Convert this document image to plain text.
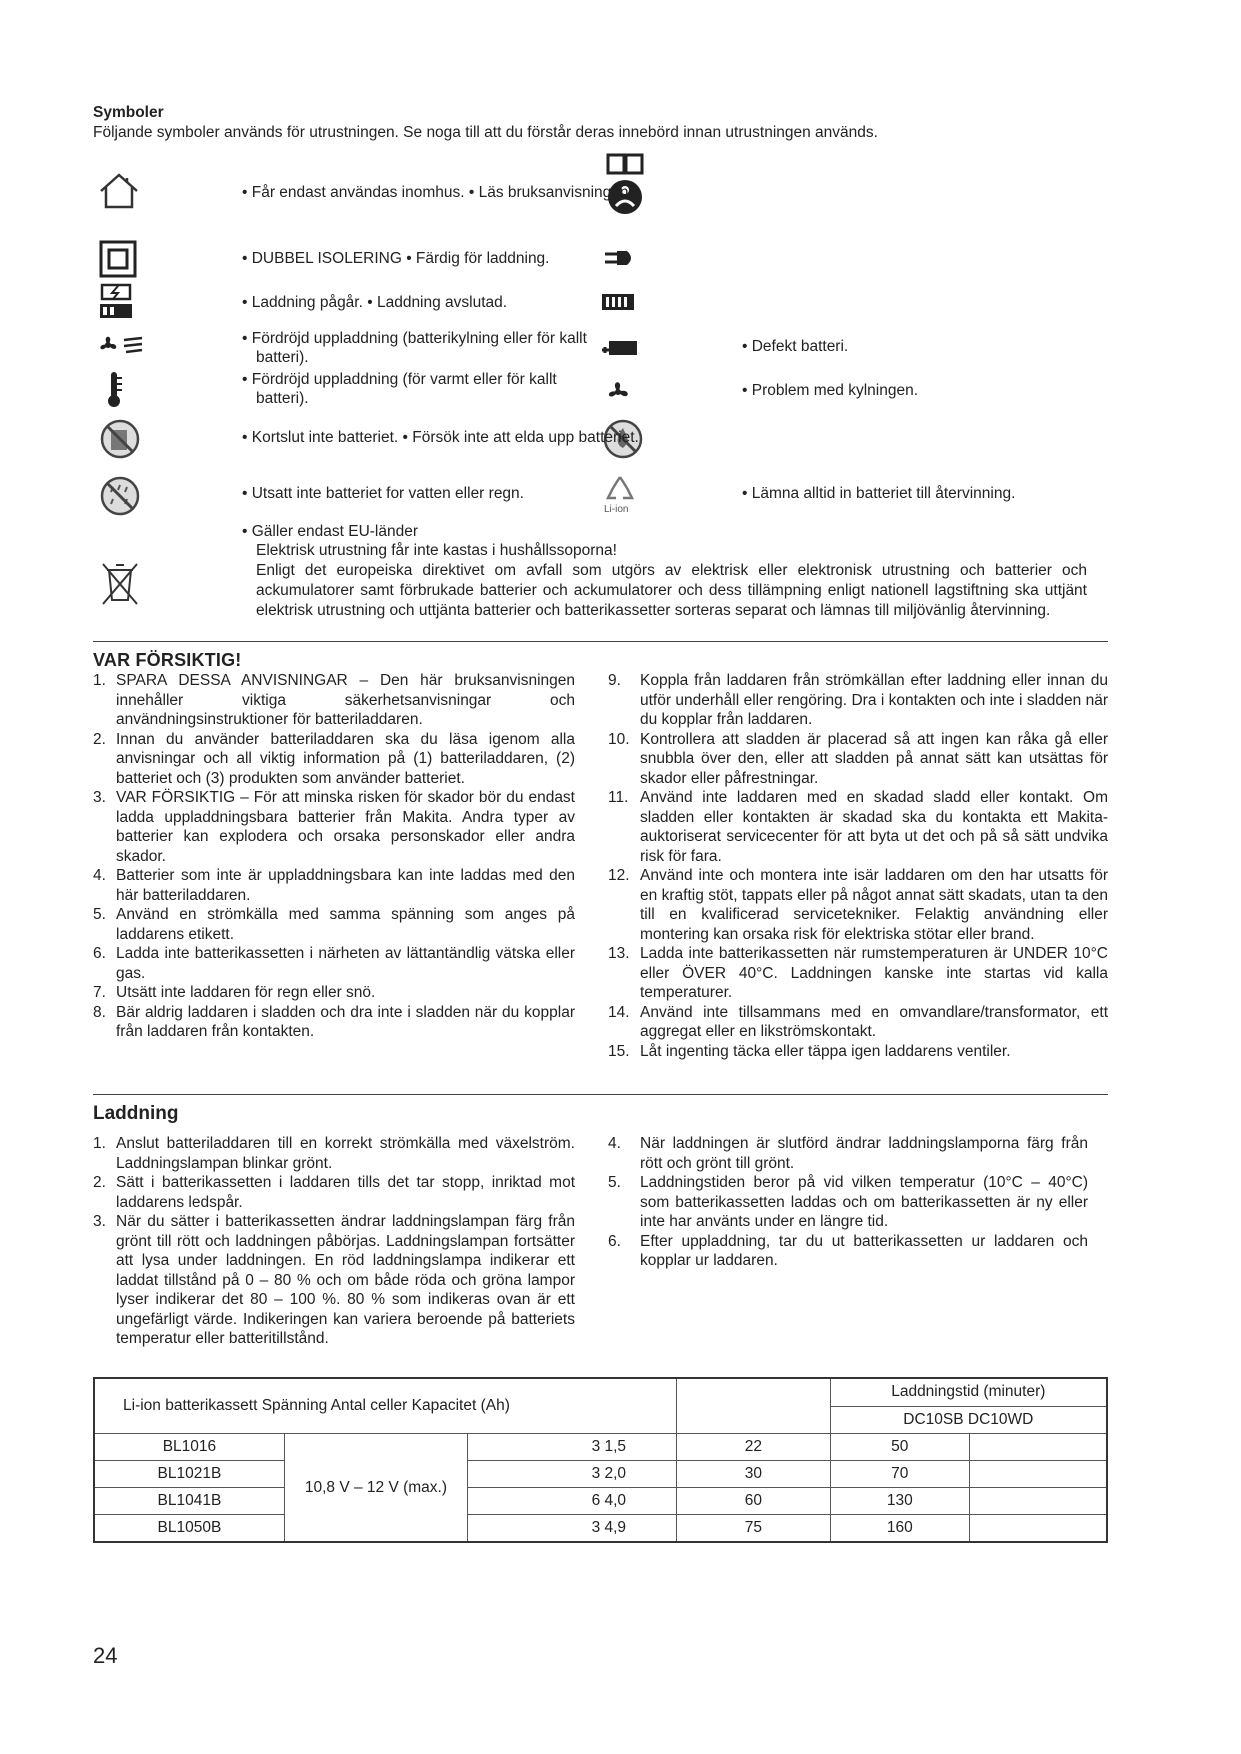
Symboler
Följande symboler används för utrustningen. Se noga till att du förstår deras innebörd innan utrustningen används.
Li-ion
• Får endast användas inomhus. • Läs bruksanvisningen.
• DUBBEL ISOLERING • Färdig för laddning.
• Laddning pågår. • Laddning avslutad.
• Fördröjd uppladdning (batterikylning eller för kallt batteri).
• Defekt batteri.
• Fördröjd uppladdning (för varmt eller för kallt batteri).	• Problem med kylningen.
• Kortslut inte batteriet. • Försök inte att elda upp batteriet.
• Utsatt inte batteriet for vatten eller regn.	• Lämna alltid in batteriet till återvinning.
• Gäller endast EU-länder
Elektrisk utrustning får inte kastas i hushållssoporna!
Enligt det europeiska direktivet om avfall som utgörs av elektrisk eller elektronisk utrustning och batterier och ackumulatorer samt förbrukade batterier och ackumulatorer och dess tillämpning enligt nationell lagstiftning ska uttjänt elektrisk utrustning och uttjänta batterier och batterikassetter sorteras separat och lämnas till miljövänlig återvinning.
VAR FÖRSIKTIG!
1. SPARA DESSA ANVISNINGAR – Den här bruksanvisningen innehåller viktiga säkerhetsanvisningar och användningsinstruktioner för batteriladdaren.
2. Innan du använder batteriladdaren ska du läsa igenom alla anvisningar och all viktig information på (1) batteriladdaren, (2) batteriet och (3) produkten som använder batteriet.
3. VAR FÖRSIKTIG – För att minska risken för skador bör du endast ladda uppladdningsbara batterier från Makita. Andra typer av batterier kan explodera och orsaka personskador eller andra skador.
4. Batterier som inte är uppladdningsbara kan inte laddas med den här batteriladdaren.
5. Använd en strömkälla med samma spänning som anges på laddarens etikett.
6. Ladda inte batterikassetten i närheten av lättantändlig vätska eller gas.
7. Utsätt inte laddaren för regn eller snö.
8. Bär aldrig laddaren i sladden och dra inte i sladden när du kopplar från laddaren från kontakten.
9. Koppla från laddaren från strömkällan efter laddning eller innan du utför underhåll eller rengöring. Dra i kontakten och inte i sladden när du kopplar från laddaren.
10. Kontrollera att sladden är placerad så att ingen kan råka gå eller snubbla över den, eller att sladden på annat sätt kan utsättas för skador eller påfrestningar.
11. Använd inte laddaren med en skadad sladd eller kontakt. Om sladden eller kontakten är skadad ska du kontakta ett Makita-auktoriserat servicecenter för att byta ut det och på så sätt undvika risk för fara.
12. Använd inte och montera inte isär laddaren om den har utsatts för en kraftig stöt, tappats eller på något annat sätt skadats, utan ta den till en kvalificerad servicetekniker. Felaktig användning eller montering kan orsaka risk för elektriska stötar eller brand.
13. Ladda inte batterikassetten när rumstemperaturen är UNDER 10°C eller ÖVER 40°C. Laddningen kanske inte startas vid kalla temperaturer.
14. Använd inte tillsammans med en omvandlare/transformator, ett aggregat eller en likströmskontakt.
15. Låt ingenting täcka eller täppa igen laddarens ventiler.
Laddning
1. Anslut batteriladdaren till en korrekt strömkälla med växelström. Laddningslampan blinkar grönt.
2. Sätt i batterikassetten i laddaren tills det tar stopp, inriktad mot laddarens ledspår.
3. När du sätter i batterikassetten ändrar laddningslampan färg från grönt till rött och laddningen påbörjas. Laddningslampan fortsätter att lysa under laddningen. En röd laddningslampa indikerar ett laddat tillstånd på 0 – 80 % och om både röda och gröna lampor lyser indikerar det 80 – 100 %. 80 % som indikeras ovan är ett ungefärligt värde. Indikeringen kan variera beroende på batteriets temperatur eller batteritillstånd.
4. När laddningen är slutförd ändrar laddningslamporna färg från rött och grönt till grönt.
5. Laddningstiden beror på vid vilken temperatur (10°C – 40°C) som batterikassetten laddas och om batterikassetten är ny eller inte har använts under en längre tid.
6. Efter uppladdning, tar du ut batterikassetten ur laddaren och kopplar ur laddaren.
Li-ion batterikassett Spänning Antal celler Kapacitet (Ah)				Laddningstid (minuter)	
				DC10SB DC10WD	
BL1016	10,8 V – 12 V (max.)	3 1,5	22	50	
BL1021B		3 2,0	30	70	
BL1041B		6 4,0	60	130	
BL1050B		3 4,9	75	160	
24
